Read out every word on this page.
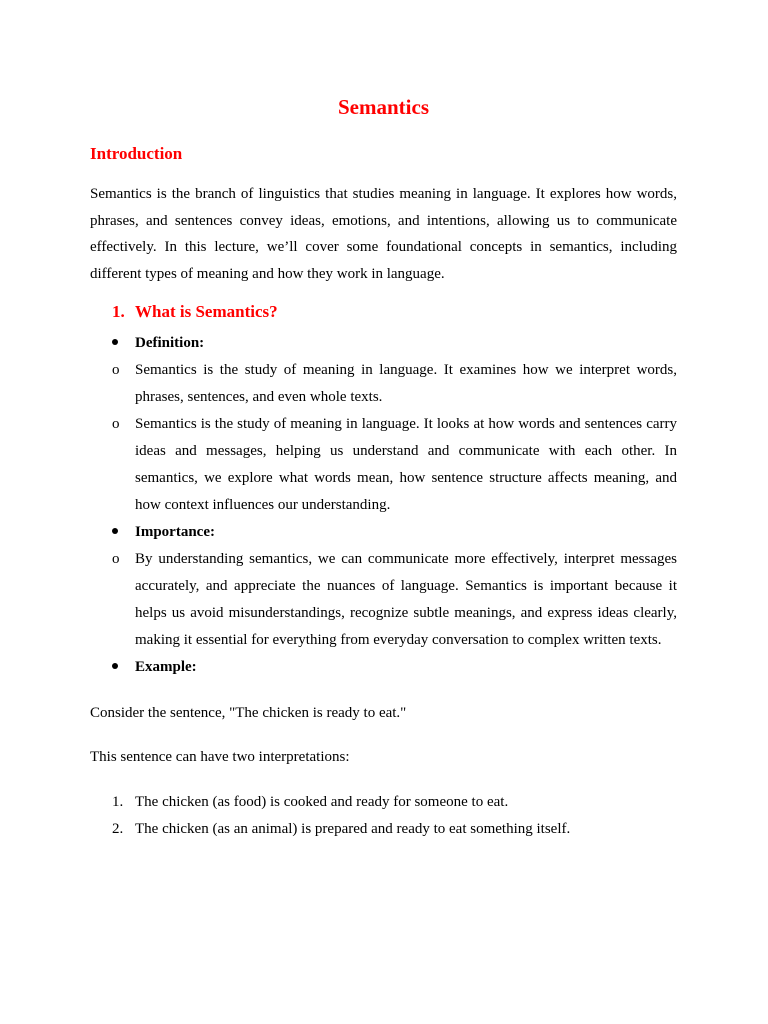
Semantics
Introduction
Semantics is the branch of linguistics that studies meaning in language. It explores how words, phrases, and sentences convey ideas, emotions, and intentions, allowing us to communicate effectively. In this lecture, we’ll cover some foundational concepts in semantics, including different types of meaning and how they work in language.
1. What is Semantics?
Definition:
o	Semantics is the study of meaning in language. It examines how we interpret words, phrases, sentences, and even whole texts.
o	Semantics is the study of meaning in language. It looks at how words and sentences carry ideas and messages, helping us understand and communicate with each other. In semantics, we explore what words mean, how sentence structure affects meaning, and how context influences our understanding.
Importance:
o	By understanding semantics, we can communicate more effectively, interpret messages accurately, and appreciate the nuances of language. Semantics is important because it helps us avoid misunderstandings, recognize subtle meanings, and express ideas clearly, making it essential for everything from everyday conversation to complex written texts.
Example:
Consider the sentence, "The chicken is ready to eat."
This sentence can have two interpretations:
1. The chicken (as food) is cooked and ready for someone to eat.
2. The chicken (as an animal) is prepared and ready to eat something itself.
